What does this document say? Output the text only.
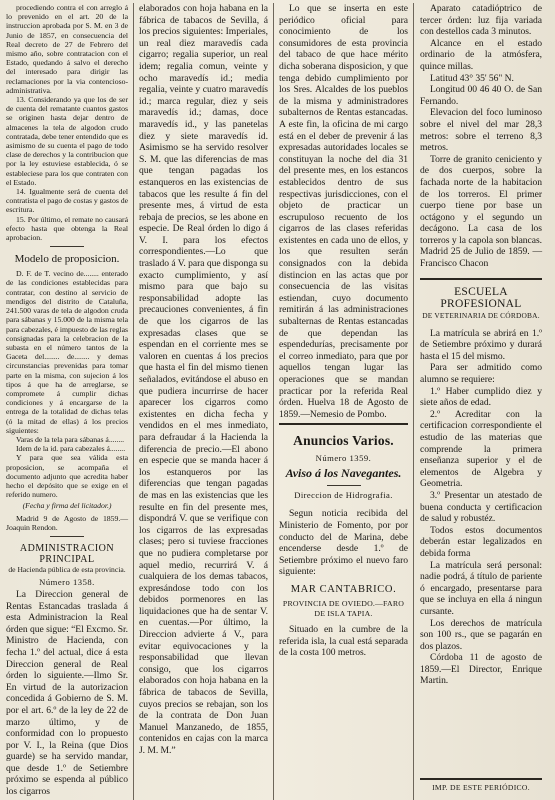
procediendo contra el con arreglo á lo prevenido en el art. 20 de la instruccion aprobada por S. M. en 3 de Junio de 1857, en consecuencia del Real decreto de 27 de Febrero del mismo año, sobre contratacion con el Estado, quedando á salvo el derecho del interesado para dirigir las reclamaciones por la via contencioso-administrativa.

13. Considerando ya que los de ser de cuenta del rematante cuantos gastos se originen hasta dejar dentro de almacenes la tela de algodon crudo contratada, debe tener entendido que es asimismo de su cuenta el pago de todo clase de derechos y la contribucion que por la ley estuviese establecida, ó se estableciese para los que contraten con el Estado.

14. Igualmente será de cuenta del contratista el pago de costas y gastos de escritura.

15. Por último, el remate no causará efecto hasta que obtenga la Real aprobacion.

Modelo de proposicion.

D. F. de T. vecino de........ enterado de las condiciones establecidas para contratar, con destino al servicio de mendigos del distrito de Cataluña, 241.500 varas de tela de algodon cruda para sábanas y 15.000 de la misma tela para cabezales, é impuesto de las reglas consignadas para la celebracion de la subasta en el número tantos de la Gaceta del........ de........ y demas circunstancias prevenidas para tomar parte en la misma, con sujecion á los tipos á que ha de arreglarse, se compromete á cumplir dichas condiciones y á encargarse de la entrega de la totalidad de dichas telas (ó la mitad de ellas) á los precios siguientes:

Varas de la tela para sábanas á........

Idem de la id. para cabezales á........

Y para que sea válida esta proposicion, se acompaña el documento adjunto que acredita haber hecho el depósito que se exige en el referido numero.

(Fecha y firma del licitador.)

Madrid 9 de Agosto de 1859.—Joaquin Rendon.

ADMINISTRACION PRINCIPAL
de Hacienda pública de esta provincia.
Número 1358.

La Direccion general de Rentas Estancadas traslada á esta Administracion la Real órden que sigue: “El Excmo. Sr. Ministro de Hacienda, con fecha 1.º del actual, dice á esta Direccion general de Real órden lo siguiente.—Ilmo Sr. En virtud de la autorizacion concedida á Gobierno de S. M. por el art. 6.º de la ley de 22 de marzo último, y de conformidad con lo propuesto por V. I., la Reina (que Dios guarde) se ha servido mandar, que desde 1.º de Setiembre próximo se espenda al público los cigarros

elaborados con hoja habana en la fábrica de tabacos de Sevilla, á los precios siguientes: Imperiales, un real diez maravedís cada cigarro; regalia superior, un real idem; regalia comun, veinte y ocho maravedís id.; media regalia, veinte y cuatro maravedís id.; marca regular, diez y seis maravedís id.; damas, doce maravedís id., y las panetelas diez y siete maravedís id. Asimismo se ha servido resolver S. M. que las diferencias de mas que tengan pagadas los estanqueros en las existencias de tabacos que les resulte á fin del presente mes, á virtud de esta rebaja de precios, se les abone en especie. De Real órden lo digo á V. I. para los efectos correspondientes.—Lo que traslado á V. para que disponga su exacto cumplimiento, y así mismo para que bajo su responsabilidad adopte las precauciones convenientes, á fin de que los cigarros de las expresadas clases que se espendan en el corriente mes se valoren en cuentas á los precios que hasta el fin del mismo tienen señalados, evitándose el abuso en que pudiera incurrirse de hacer aparecer los cigarros como existentes en dicha fecha y vendidos en el mes inmediato, para defraudar á la Hacienda la diferencia de precio.—El abono en especie que se manda hacer á los estanqueros por las diferencias que tengan pagadas de mas en las existencias que les resulte en fin del presente mes, dispondrá V. que se verifique con los cigarros de las expresadas clases; pero si tuviese fracciones que no pudiera completarse por aquel medio, recurrirá V. á cualquiera de los demas tabacos, expresándose todo con los debidos pormenores en las liquidaciones que ha de sentar V. en cuentas.—Por último, la Direccion advierte á V., para evitar equivocaciones y la responsabilidad que llevan consigo, que los cigarros elaborados con hoja habana en la fábrica de tabacos de Sevilla, cuyos precios se rebajan, son los de la contrata de Don Juan Manuel Manzanedo, de 1855, contenidos en cajas con la marca J. M. M.”

Lo que se inserta en este periódico oficial para conocimiento de los consumidores de esta provincia del tabaco de que hace mérito dicha soberana disposicion, y que tenga debido cumplimiento por los Sres. Alcaldes de los pueblos de la misma y administradores subalternos de Rentas estancadas. A este fin, la oficina de mi cargo está en el deber de prevenir á las expresadas autoridades locales se constituyan la noche del dia 31 del presente mes, en los estancos establecidos dentro de sus respectivas jurisdicciones, con el objeto de practicar un escrupuloso recuento de los cigarros de las clases referidas existentes en cada uno de ellos, y los que resulten serán consignados con la debida distincion en las actas que por consecuencia de las visitas estiendan, cuyo documento remitirán á las administraciones subalternas de Rentas estancadas de que dependan las espendedurías, precisamente por el correo inmediato, para que por aquellos tengan lugar las operaciones que se mandan practicar por la referida Real órden. Huelva 18 de Agosto de 1859.—Nemesio de Pombo.

Anuncios Varios.
Número 1359.
Aviso á los Navegantes.
Direccion de Hidrografia.

Segun noticia recibida del Ministerio de Fomento, por por conducto del de Marina, debe encenderse desde 1.º de Setiembre próximo el nuevo faro siguiente:

MAR CANTABRICO.
PROVINCIA DE OVIEDO.—FARO DE ISLA TAPIA.

Situado en la cumbre de la referida isla, la cual está separada de la costa 100 metros.

Aparato catadióptrico de tercer órden: luz fija variada con destellos cada 3 minutos.

Alcance en el estado ordinario de la atmósfera, quince millas.

Latitud 43° 35' 56" N.

Longitud 00 46 40 O. de San Fernando.

Elevacion del foco luminoso sobre el nivel del mar 28,3 metros: sobre el terreno 8,3 metros.

Torre de granito ceniciento y de dos cuerpos, sobre la fachada norte de la habitacion de los torreros. El primer cuerpo tiene por base un octágono y el segundo un decágono. La casa de los torreros y la capola son blancas. Madrid 25 de Julio de 1859. —Francisco Chacon

ESCUELA PROFESIONAL
DE VETERINARIA DE CÓRDOBA.

La matrícula se abrirá en 1.º de Setiembre próximo y durará hasta el 15 del mismo.

Para ser admitido como alumno se requiere:

1.º Haber cumplido diez y siete años de edad.

2.º Acreditar con la certificacion correspondiente el estudio de las materias que comprende la primera enseñanza superior y el de elementos de Algebra y Geometria.

3.º Presentar un atestado de buena conducta y certificacion de salud y robustéz.

Todos estos documentos deberán estar legalizados en debida forma

La matrícula será personal: nadie podrá, á título de pariente ó encargado, presentarse para que se incluya en ella á ningun cursante.

Los derechos de matrícula son 100 rs., que se pagarán en dos plazos.

Córdoba 11 de agosto de 1859.—El Director, Enrique Martin.

IMP. DE ESTE PERIÓDICO.
